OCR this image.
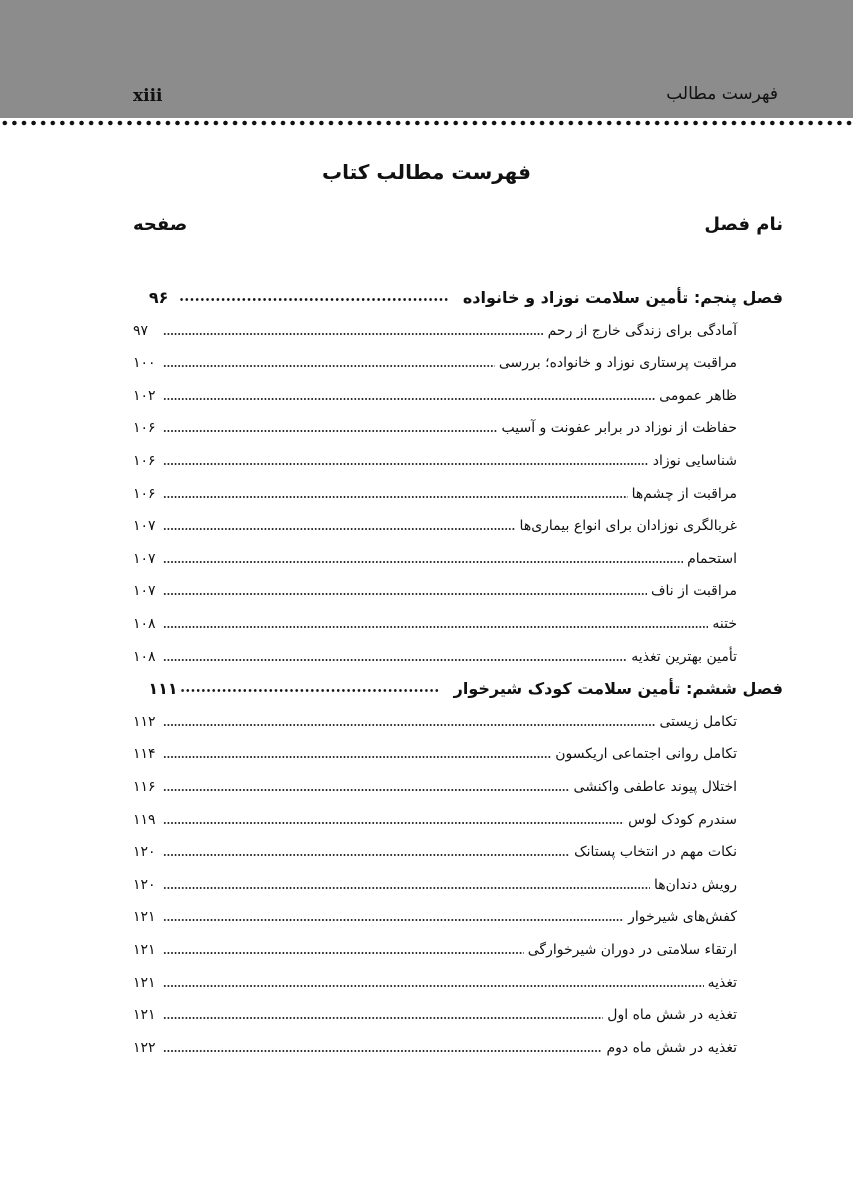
xiii	فهرست مطالب
فهرست مطالب کتاب
نام فصل
صفحه
فصل پنجم: تأمین سلامت نوزاد و خانواده
۹۶
آمادگی برای زندگی خارج از رحم
۹۷
مراقبت پرستاری نوزاد و خانواده؛ بررسی
۱۰۰
ظاهر عمومی
۱۰۲
حفاظت از نوزاد در برابر عفونت و آسیب
۱۰۶
شناسایی نوزاد
۱۰۶
مراقبت از چشم‌ها
۱۰۶
غربالگری نوزادان برای انواع بیماری‌ها
۱۰۷
استحمام
۱۰۷
مراقبت از ناف
۱۰۷
ختنه
۱۰۸
تأمین بهترین تغذیه
۱۰۸
فصل ششم: تأمین سلامت کودک شیرخوار
۱۱۱
تکامل زیستی
۱۱۲
تکامل روانی اجتماعی اریکسون
۱۱۴
اختلال پیوند عاطفی واکنشی
۱۱۶
سندرم کودک لوس
۱۱۹
نکات مهم در انتخاب پستانک
۱۲۰
رویش دندان‌ها
۱۲۰
کفش‌های شیرخوار
۱۲۱
ارتقاء سلامتی در دوران شیرخوارگی
۱۲۱
تغذیه
۱۲۱
تغذیه در شش ماه اول
۱۲۱
تغذیه در شش ماه دوم
۱۲۲
